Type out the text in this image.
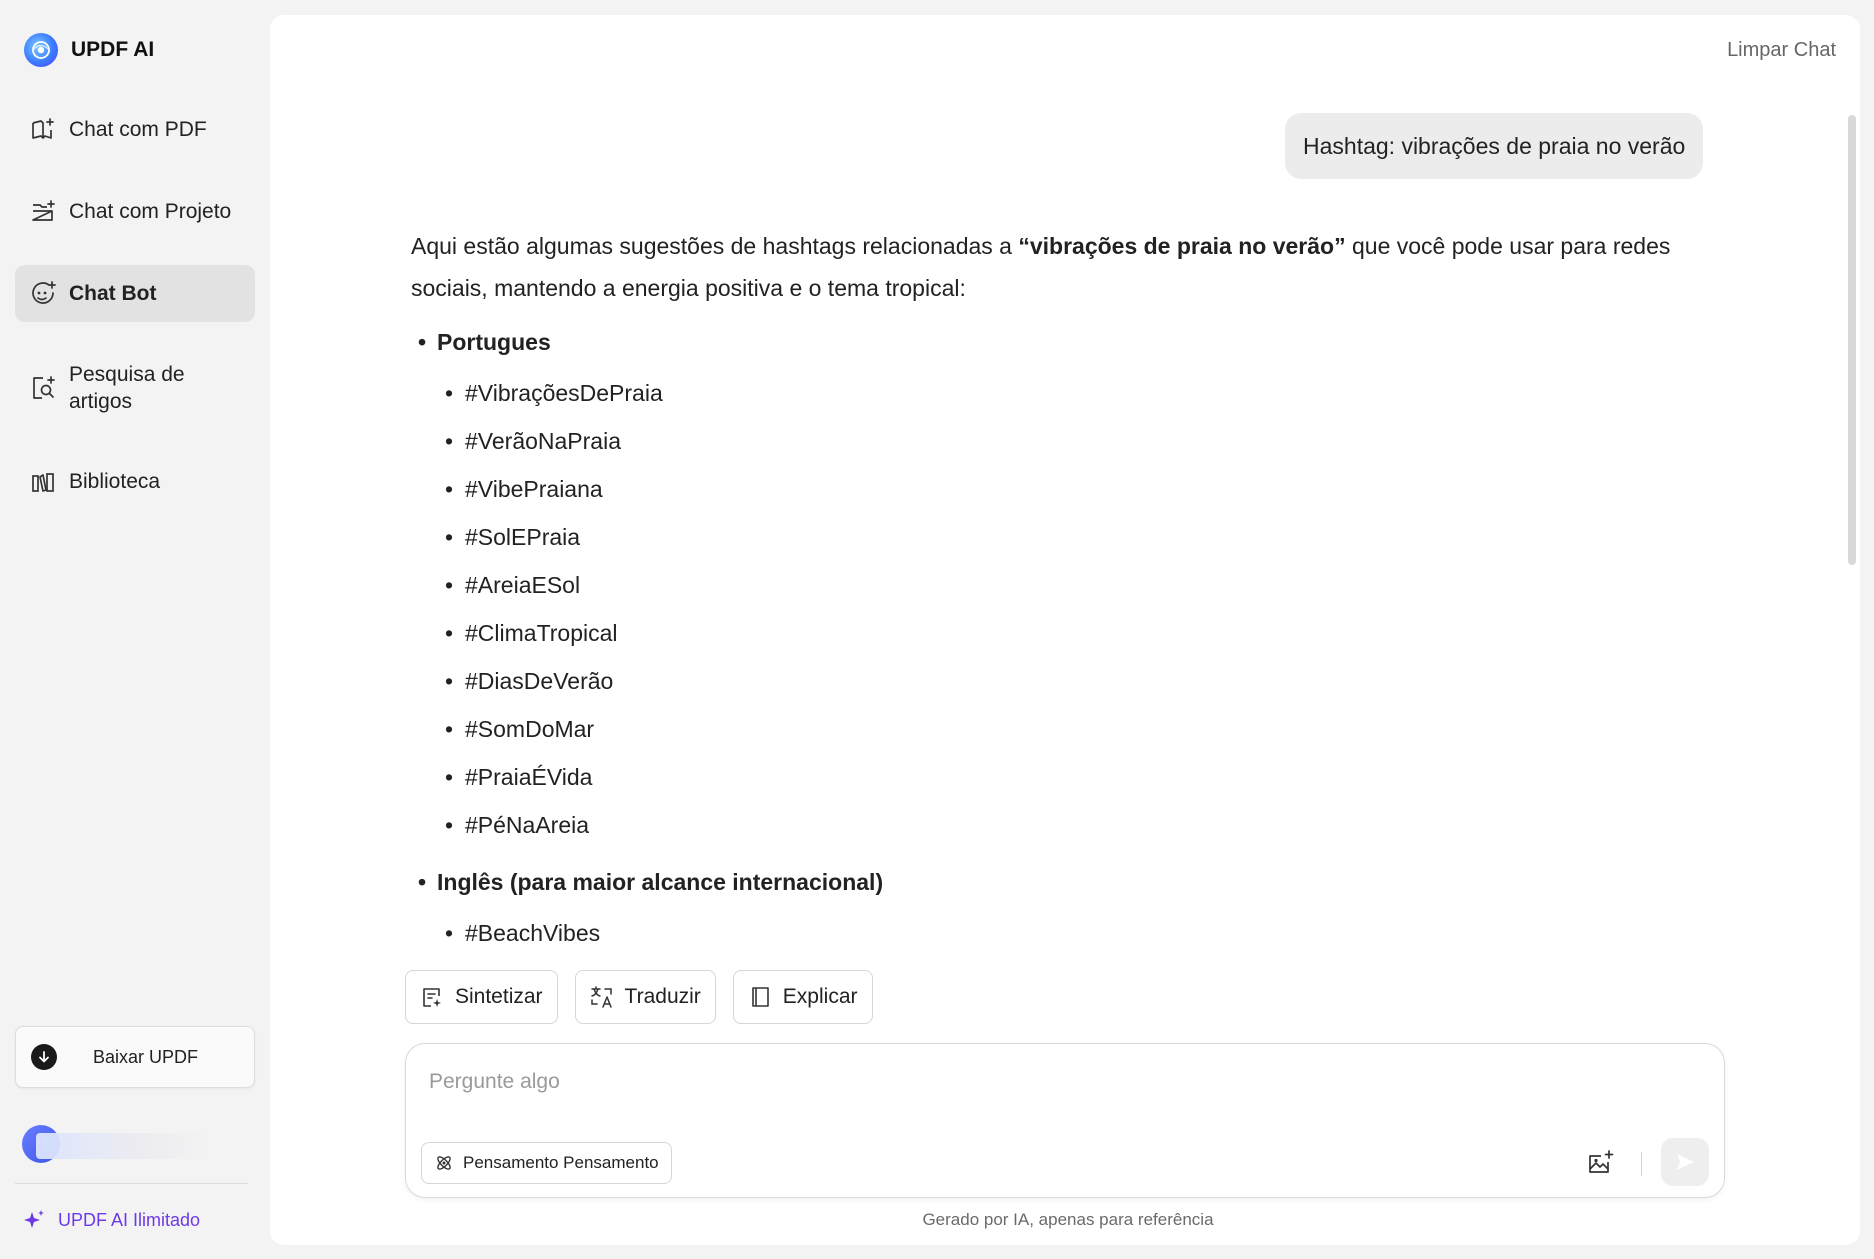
UPDF AI
Chat com PDF
Chat com Projeto
Chat Bot
Pesquisa de artigos
Biblioteca
Baixar UPDF
UPDF AI Ilimitado
Limpar Chat
Hashtag: vibrações de praia no verão

Aqui estão algumas sugestões de hashtags relacionadas a “vibrações de praia no verão” que você pode usar para redes sociais, mantendo a energia positiva e o tema tropical:

• Portugues
• #VibraçõesDePraia
• #VerãoNaPraia
• #VibePraiana
• #SolEPraia
• #AreiaESol
• #ClimaTropical
• #DiasDeVerão
• #SomDoMar
• #PraiaÉVida
• #PéNaAreia
• Inglês (para maior alcance internacional)
• #BeachVibes
Sintetizar	Traduzir	Explicar
Pergunte algo
Pensamento Pensamento
Gerado por IA, apenas para referência
